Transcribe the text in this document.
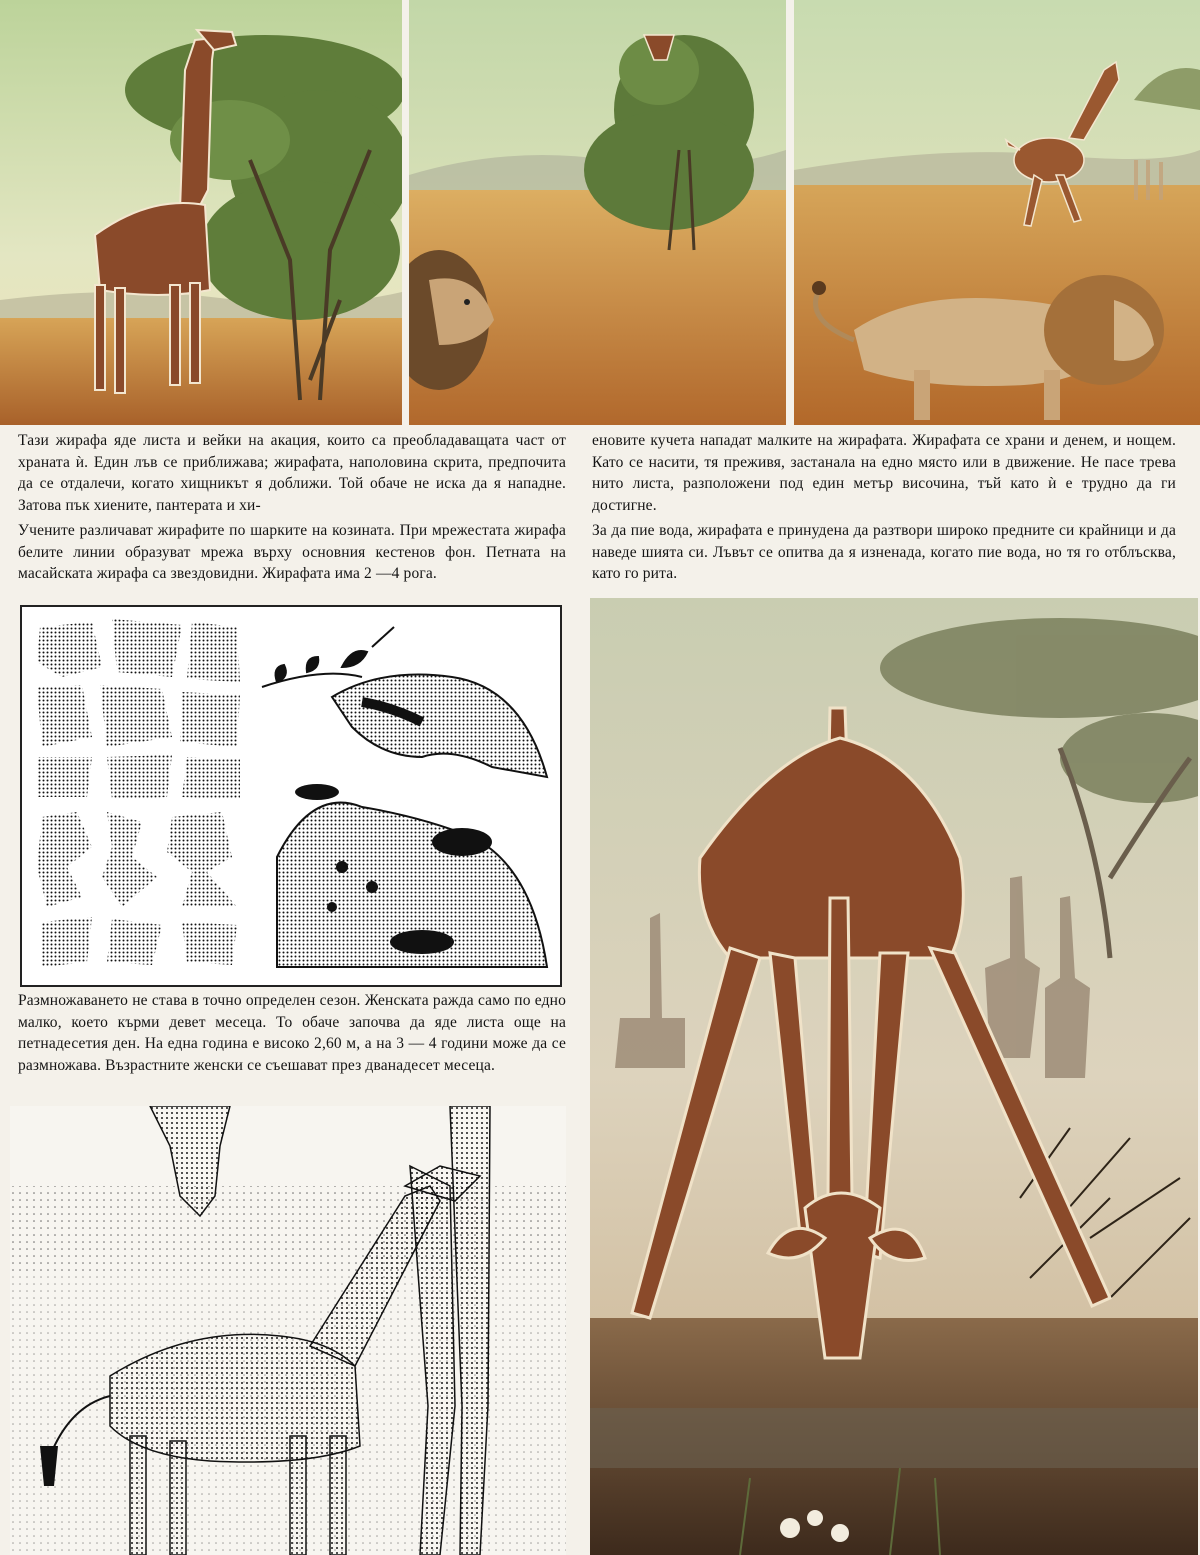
Тази жирафа яде листа и вейки на акация, които са преобладаващата част от храната ѝ. Един лъв се приближава; жирафата, наполовина скрита, предпочита да се отдалечи, когато хищникът я доближи. Той обаче не иска да я нападне. Затова пък хиените, пантерата и хи-

еновите кучета нападат малките на жирафата. Жирафата се храни и денем, и нощем. Като се насити, тя преживя, застанала на едно място или в движение. Не пасе трева нито листа, разположени под един метър височина, тъй като ѝ е трудно да ги достигне.

Учените различават жирафите по шарките на козината. При мрежестата жирафа белите линии образуват мрежа върху основния кестенов фон. Петната на масайската жирафа са звездовидни. Жирафата има 2 —4 рога.

За да пие вода, жирафата е принудена да разтвори широко предните си крайници и да наведе шията си. Лъвът се опитва да я изненада, когато пие вода, но тя го отблъсква, като го рита.

Размножаването не става в точно определен сезон. Женската ражда само по едно малко, което кърми девет месеца. То обаче започва да яде листа още на петнадесетия ден. На една година е високо 2,60 м, а на 3 — 4 години може да се размножава. Възрастните женски се съешават през дванадесет месеца.
